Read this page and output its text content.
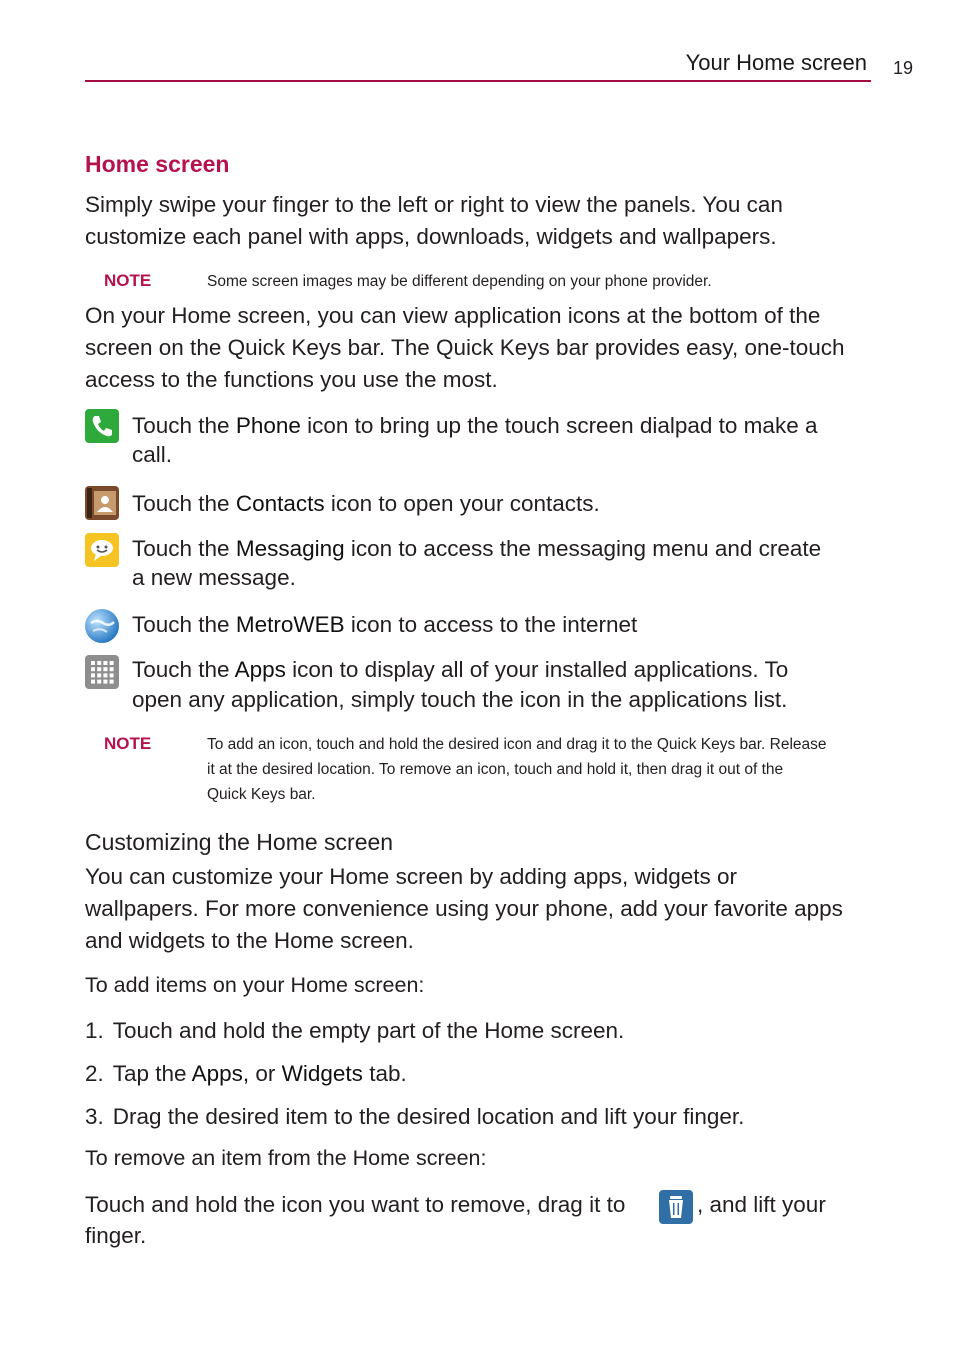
Your Home screen 19
Home screen
Simply swipe your finger to the left or right to view the panels. You can
customize each panel with apps, downloads, widgets and wallpapers.
NOTE	Some screen images may be different depending on your phone provider.
On your Home screen, you can view application icons at the bottom of the
screen on the Quick Keys bar. The Quick Keys bar provides easy, one-touch
access to the functions you use the most.
Touch the Phone icon to bring up the touch screen dialpad to make a
call.
Touch the Contacts icon to open your contacts.
Touch the Messaging icon to access the messaging menu and create
a new message.
Touch the MetroWEB icon to access to the internet
Touch the Apps icon to display all of your installed applications. To
open any application, simply touch the icon in the applications list.
NOTE	To add an icon, touch and hold the desired icon and drag it to the Quick Keys bar. Release
it at the desired location. To remove an icon, touch and hold it, then drag it out of the
Quick Keys bar.
Customizing the Home screen
You can customize your Home screen by adding apps, widgets or
wallpapers. For more convenience using your phone, add your favorite apps
and widgets to the Home screen.
To add items on your Home screen:
1. Touch and hold the empty part of the Home screen.
2. Tap the Apps, or Widgets tab.
3. Drag the desired item to the desired location and lift your finger.
To remove an item from the Home screen:
Touch and hold the icon you want to remove, drag it to	, and lift your
finger.
